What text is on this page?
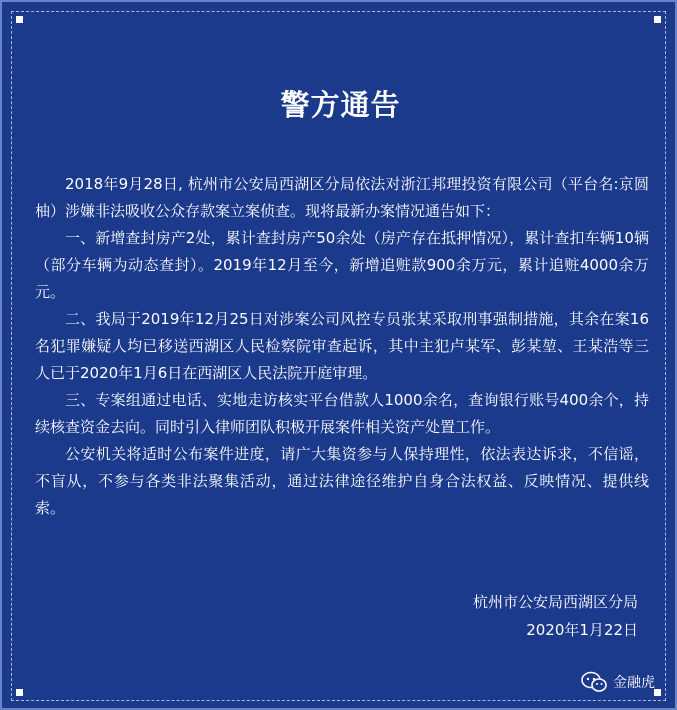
警方通告

2018年9月28日, 杭州市公安局西湖区分局依法对浙江邦理投资有限公司（平台名:京圆柚）涉嫌非法吸收公众存款案立案侦查。现将最新办案情况通告如下：

一、新增查封房产2处，累计查封房产50余处（房产存在抵押情况），累计查扣车辆10辆（部分车辆为动态查封）。2019年12月至今，新增追赃款900余万元，累计追赃4000余万元。

二、我局于2019年12月25日对涉案公司风控专员张某采取刑事强制措施，其余在案16名犯罪嫌疑人均已移送西湖区人民检察院审查起诉，其中主犯卢某军、彭某堃、王某浩等三人已于2020年1月6日在西湖区人民法院开庭审理。

三、专案组通过电话、实地走访核实平台借款人1000余名，查询银行账号400余个，持续核查资金去向。同时引入律师团队积极开展案件相关资产处置工作。

公安机关将适时公布案件进度，请广大集资参与人保持理性，依法表达诉求，不信谣，不盲从，不参与各类非法聚集活动，通过法律途径维护自身合法权益、反映情况、提供线索。

杭州市公安局西湖区分局
2020年1月22日
金融虎
